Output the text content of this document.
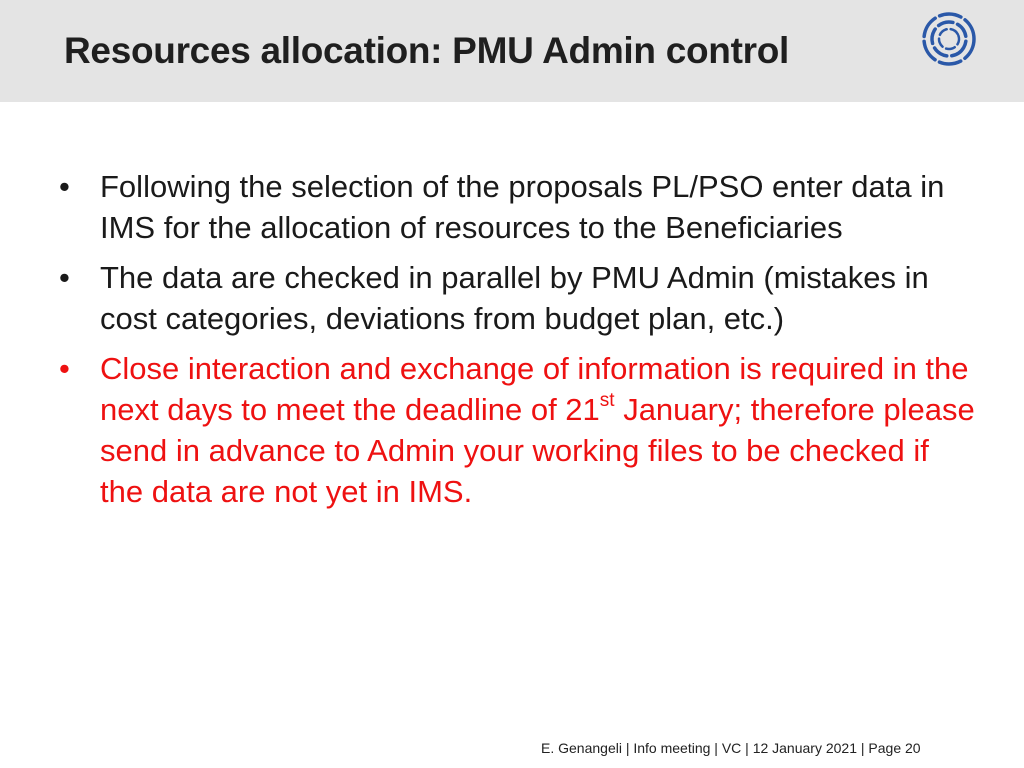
Resources allocation: PMU Admin control
• Following the selection of the proposals PL/PSO enter data in IMS for the allocation of resources to the Beneficiaries
• The data are checked in parallel by PMU Admin (mistakes in cost categories, deviations from budget plan, etc.)
• Close interaction and exchange of information is required in the next days to meet the deadline of 21st January; therefore please send in advance to Admin your working files to be checked if the data are not yet in IMS.
E. Genangeli | Info meeting | VC | 12 January 2021 | Page 20
